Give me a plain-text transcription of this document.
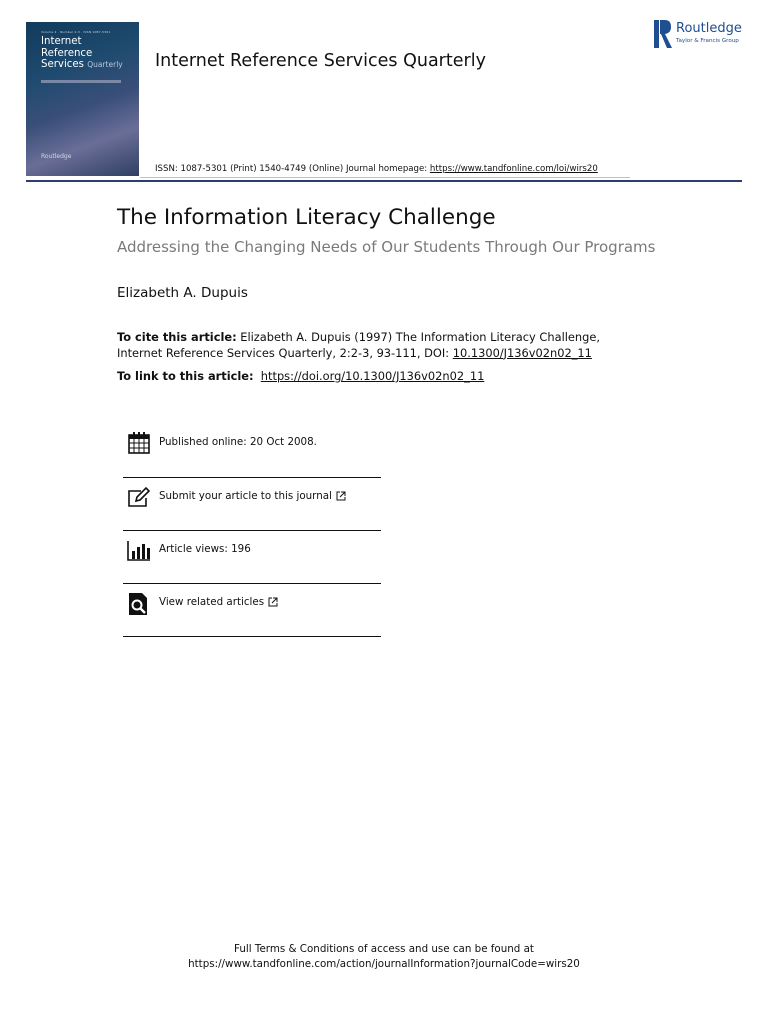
Volume 2 · Number 2-3 · ISSN 1087-5301
Internet
Reference
Services Quarterly
Routledge
Internet Reference Services Quarterly
Routledge
Taylor & Francis Group
ISSN: 1087-5301 (Print) 1540-4749 (Online) Journal homepage: https://www.tandfonline.com/loi/wirs20
The Information Literacy Challenge
Addressing the Changing Needs of Our Students Through Our Programs
Elizabeth A. Dupuis
To cite this article: Elizabeth A. Dupuis (1997) The Information Literacy Challenge, Internet Reference Services Quarterly, 2:2-3, 93-111, DOI: 10.1300/J136v02n02_11
To link to this article: https://doi.org/10.1300/J136v02n02_11
Published online: 20 Oct 2008.
Submit your article to this journal
Article views: 196
View related articles
Full Terms & Conditions of access and use can be found at
https://www.tandfonline.com/action/journalInformation?journalCode=wirs20
